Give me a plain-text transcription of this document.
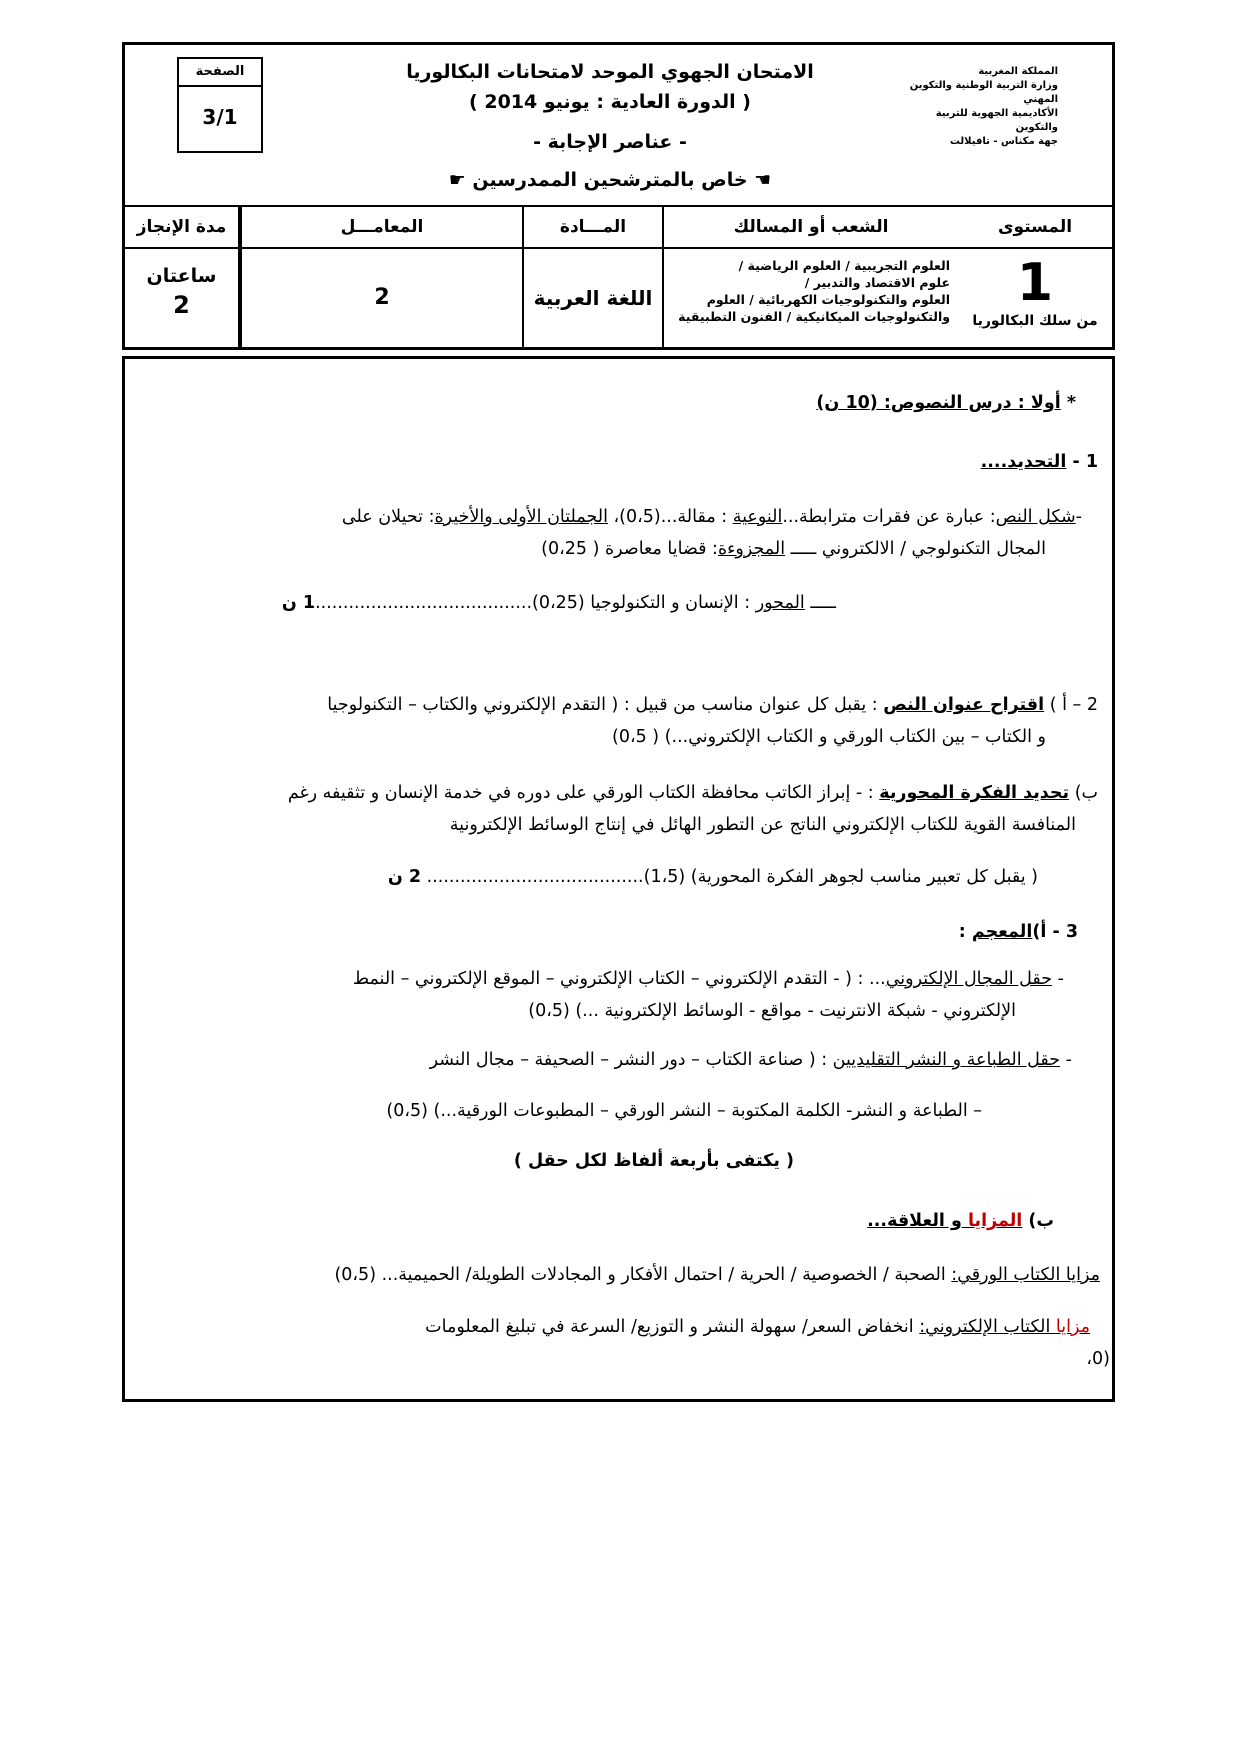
المملكة المغربية
وزارة التربية الوطنية والتكوين المهني
الأكاديمية الجهوية للتربية والتكوين
جهة مكناس - تافيلالت
الامتحان الجهوي الموحد لامتحانات البكالوريا
( الدورة العادية : يونيو 2014 )
- عناصر الإجابة -
☚ خاص بالمترشحين الممدرسين ☛
الصفحة
3/1
المستوى
الشعب أو المسالك
المـــادة
المعامـــل
مدة الإنجاز
1
من سلك البكالوريا
العلوم التجريبية / العلوم الرياضية /
علوم الاقتصاد والتدبير /
العلوم والتكنولوجيات الكهربائية / العلوم
والتكنولوجيات الميكانيكية / الفنون التطبيقية
اللغة العربية
2
ساعتان
2
* أولا : درس النصوص: (10 ن)
1 - التحديد....
-شكل النص: عبارة عن فقرات مترابطة...النوعية : مقالة...(0،5)، الجملتان الأولى والأخيرة: تحيلان على
المجال التكنولوجي / الالكتروني ـــــ المجزوءة: قضايا معاصرة ( 0،25)
ـــــ المحور : الإنسان و التكنولوجيا (0،25).......................................1 ن
2 – أ ) اقتراح عنوان النص : يقبل كل عنوان مناسب من قبيل : ( التقدم الإلكتروني والكتاب – التكنولوجيا
و الكتاب – بين الكتاب الورقي و الكتاب الإلكتروني...) ( 0،5)
ب) تحديد الفكرة المحورية : - إبراز الكاتب محافظة الكتاب الورقي على دوره في خدمة الإنسان و تثقيفه رغم
المنافسة القوية للكتاب الإلكتروني الناتج عن التطور الهائل في إنتاج الوسائط الإلكترونية
( يقبل كل تعبير مناسب لجوهر الفكرة المحورية) (1،5)....................................... 2 ن
3 - أ)المعجم :
- حقل المجال الإلكتروني... : ( - التقدم الإلكتروني – الكتاب الإلكتروني – الموقع الإلكتروني – النمط
الإلكتروني - شبكة الانترنيت - مواقع - الوسائط الإلكترونية ...) (0،5)
- حقل الطباعة و النشر التقليديين : ( صناعة الكتاب – دور النشر – الصحيفة – مجال النشر
– الطباعة و النشر- الكلمة المكتوبة – النشر الورقي – المطبوعات الورقية...) (0،5)
( يكتفى بأربعة ألفاظ لكل حقل )
ب) المزايا و العلاقة...
مزايا الكتاب الورقي: الصحبة / الخصوصية / الحرية / احتمال الأفكار و المجادلات الطويلة/ الحميمية... (0،5)
مزايا الكتاب الإلكتروني: انخفاض السعر/ سهولة النشر و التوزيع/ السرعة في تبليغ المعلومات
(0،
